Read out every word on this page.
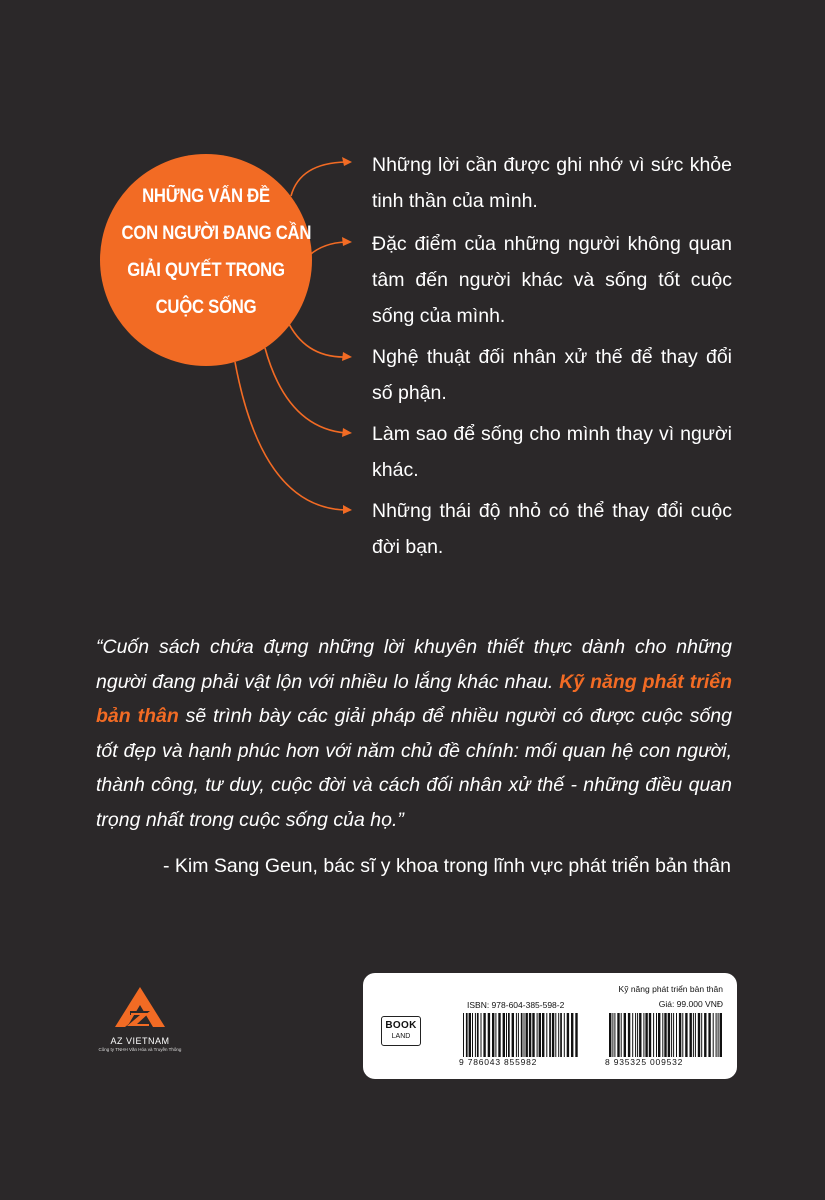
NHỮNG VẤN ĐỀ
CON NGƯỜI ĐANG CẦN
GIẢI QUYẾT TRONG
CUỘC SỐNG
Những lời cần được ghi nhớ vì sức khỏe tinh thần của mình.
Đặc điểm của những người không quan tâm đến người khác và sống tốt cuộc sống của mình.
Nghệ thuật đối nhân xử thế để thay đổi số phận.
Làm sao để sống cho mình thay vì người khác.
Những thái độ nhỏ có thể thay đổi cuộc đời bạn.
“Cuốn sách chứa đựng những lời khuyên thiết thực dành cho những người đang phải vật lộn với nhiều lo lắng khác nhau. Kỹ năng phát triển bản thân sẽ trình bày các giải pháp để nhiều người có được cuộc sống tốt đẹp và hạnh phúc hơn với năm chủ đề chính: mối quan hệ con người, thành công, tư duy, cuộc đời và cách đối nhân xử thế - những điều quan trọng nhất trong cuộc sống của họ.”
- Kim Sang Geun, bác sĩ y khoa trong lĩnh vực phát triển bản thân
AZ VIETNAM
Công ty TNHH Văn Hóa và Truyền Thông
BOOK
LAND
ISBN: 978-604-385-598-2
Kỹ năng phát triển bản thân
Giá: 99.000 VNĐ
9 786043 855982	8 935325 009532
